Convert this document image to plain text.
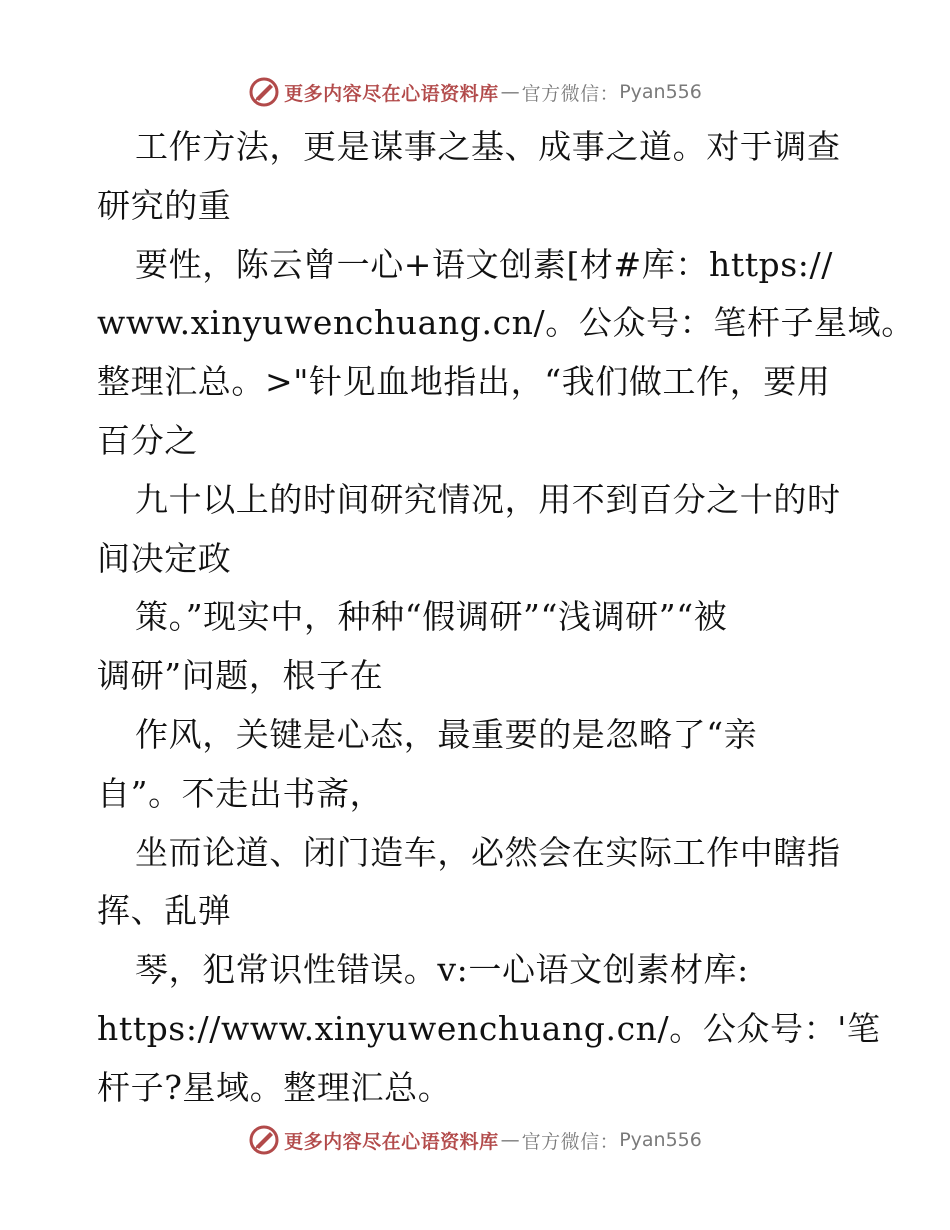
更多内容尽在心语资料库 — 官方微信： Pyan556
工作方法，更是谋事之基、成事之道。对于调查
研究的重
要性，陈云曾一心+语文创素[材#库：https://
www.xinyuwenchuang.cn/。公众号：笔杆子星域。
整理汇总。>"针见血地指出，“我们做工作，要用
百分之
九十以上的时间研究情况，用不到百分之十的时
间决定政
策。”现实中，种种“假调研”“浅调研”“被
调研”问题，根子在
作风，关键是心态，最重要的是忽略了“亲
自”。不走出书斋，
坐而论道、闭门造车，必然会在实际工作中瞎指
挥、乱弹
琴，犯常识性错误。v:一心语文创素材库:
https://www.xinyuwenchuang.cn/。公众号：'笔
杆子?星域。整理汇总。
更多内容尽在心语资料库 — 官方微信： Pyan556
